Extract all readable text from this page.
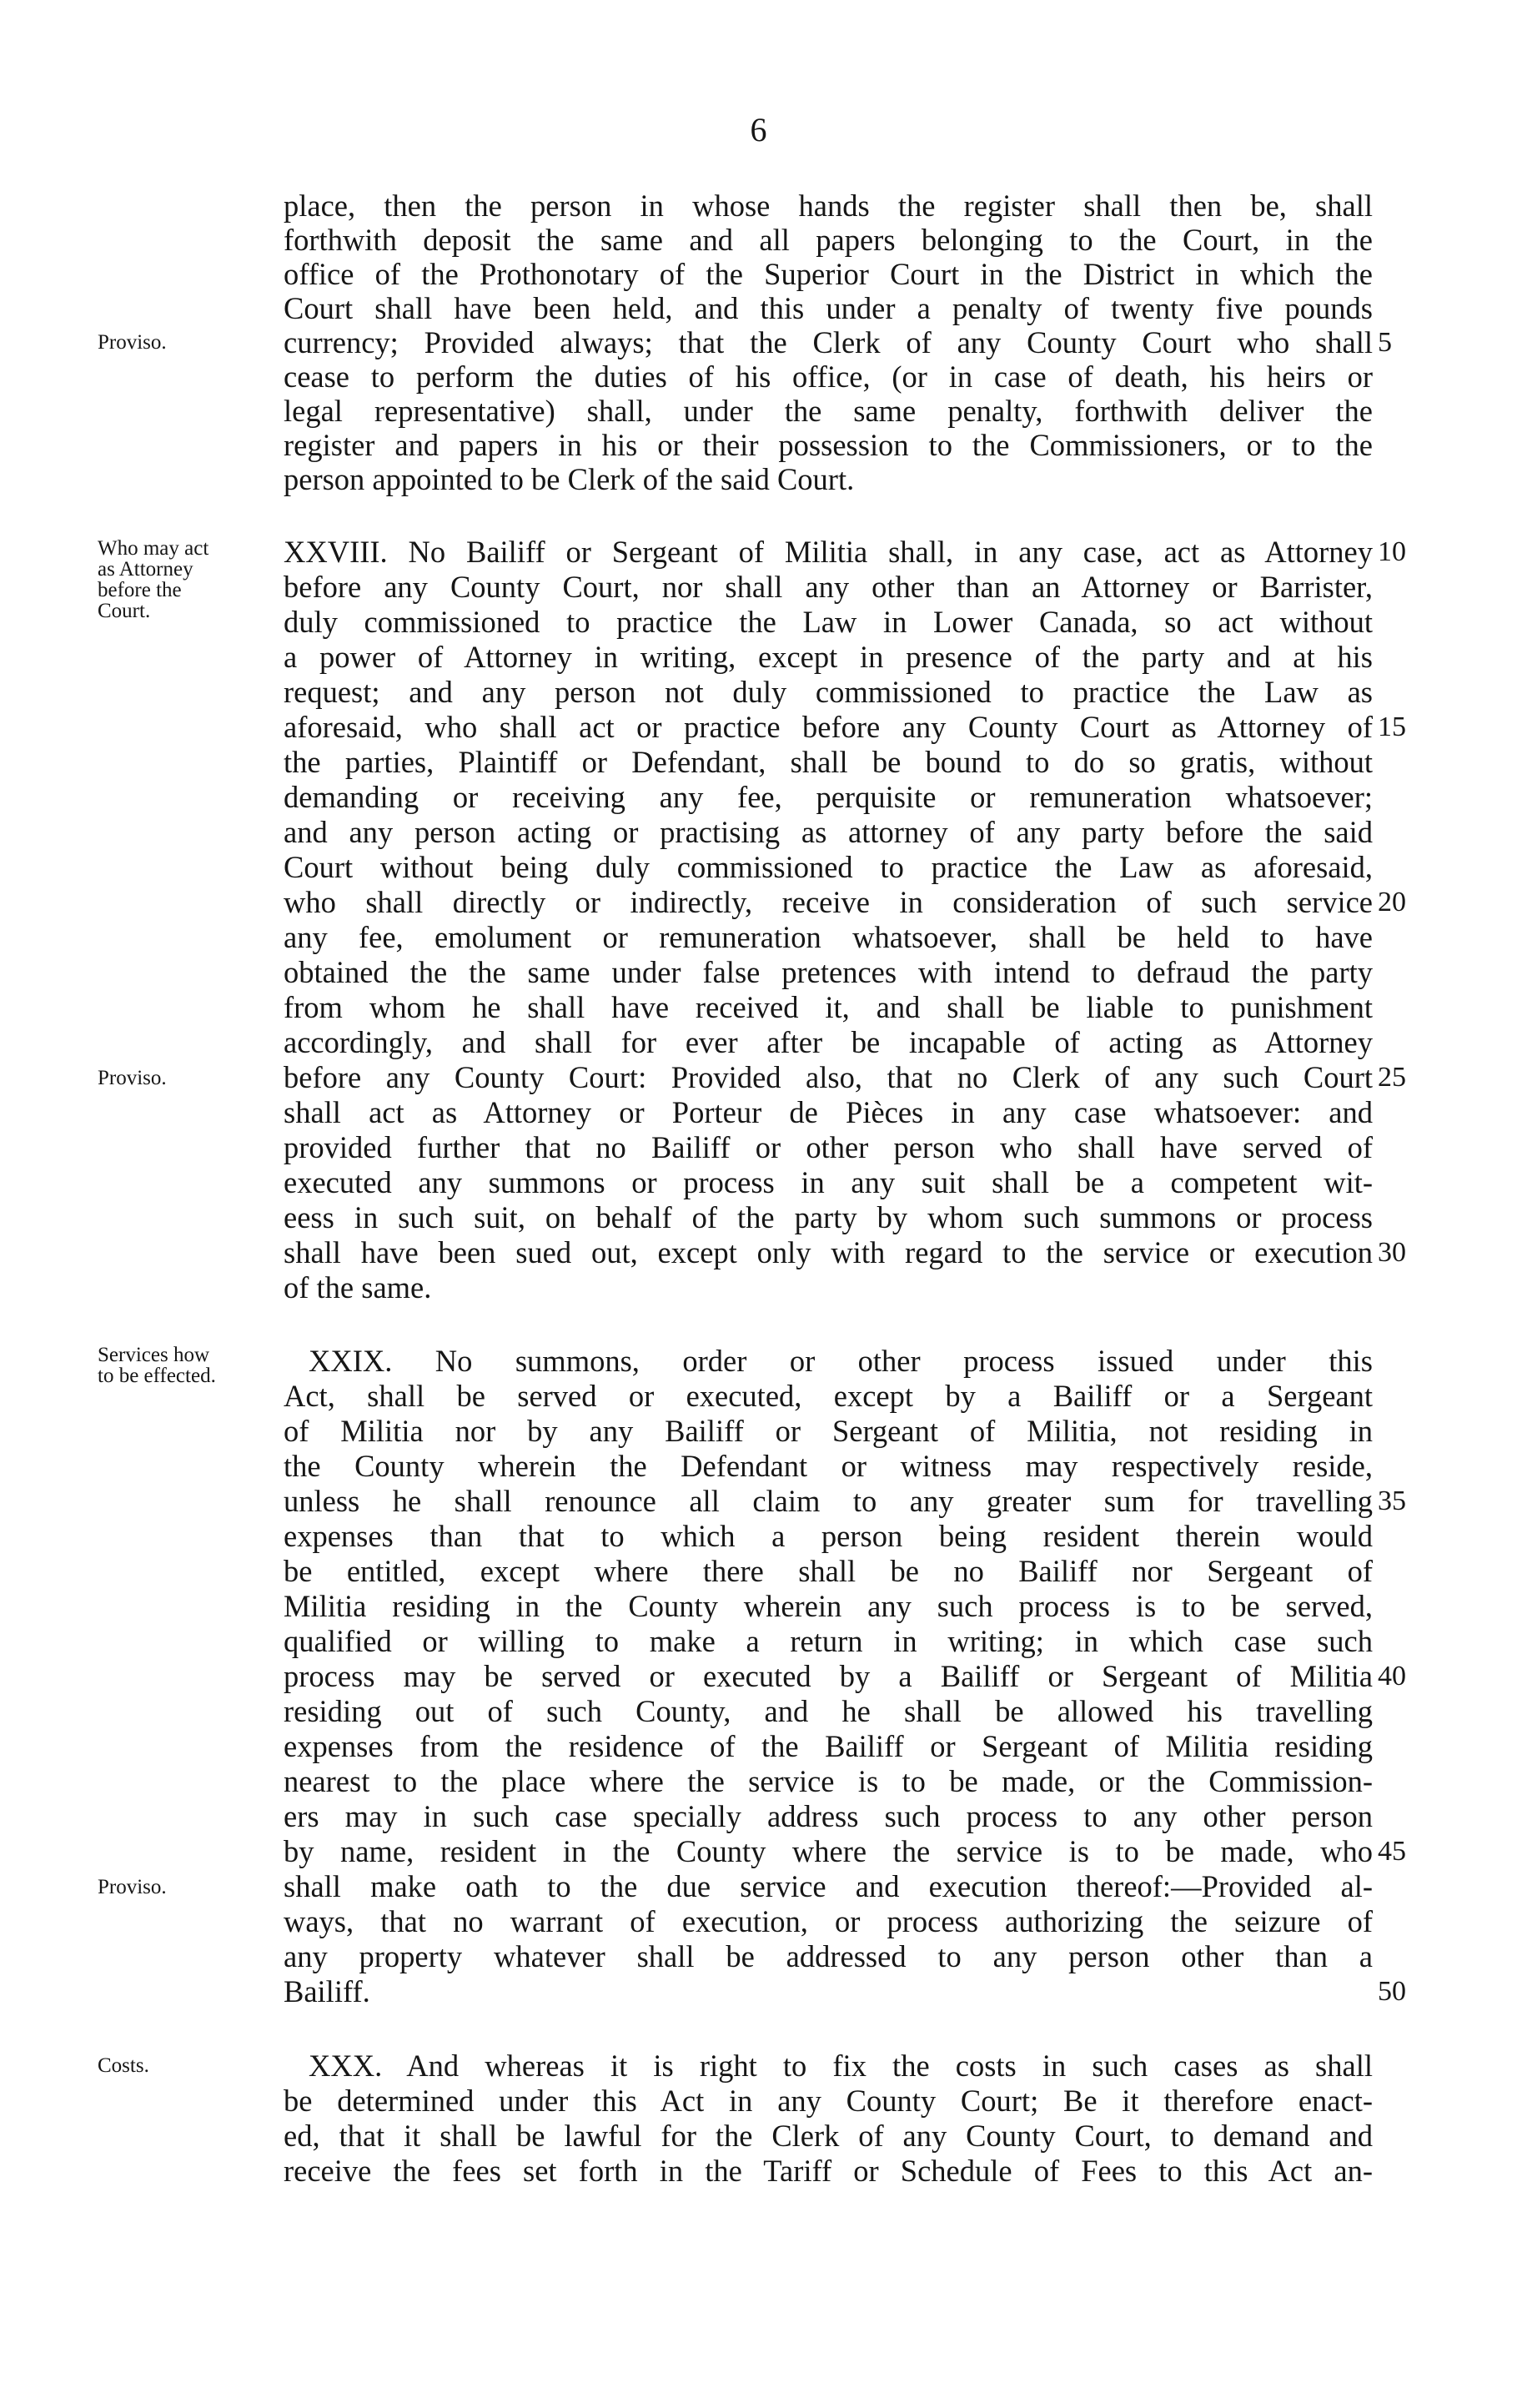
6
place, then the person in whose hands the register shall then be, shall
forthwith deposit the same and all papers belonging to the Court, in the
office of the Prothonotary of the Superior Court in the District in which the
Court shall have been held, and this under a penalty of twenty five pounds
currency; Provided always; that the Clerk of any County Court who shall
cease to perform the duties of his office, (or in case of death, his heirs or
legal representative) shall, under the same penalty, forthwith deliver the
register and papers in his or their possession to the Commissioners, or to the
person appointed to be Clerk of the said Court.
XXVIII. No Bailiff or Sergeant of Militia shall, in any case, act as Attorney
before any County Court, nor shall any other than an Attorney or Barrister,
duly commissioned to practice the Law in Lower Canada, so act without
a power of Attorney in writing, except in presence of the party and at his
request; and any person not duly commissioned to practice the Law as
aforesaid, who shall act or practice before any County Court as Attorney of
the parties, Plaintiff or Defendant, shall be bound to do so gratis, without
demanding or receiving any fee, perquisite or remuneration whatsoever;
and any person acting or practising as attorney of any party before the said
Court without being duly commissioned to practice the Law as aforesaid,
who shall directly or indirectly, receive in consideration of such service
any fee, emolument or remuneration whatsoever, shall be held to have
obtained the the same under false pretences with intend to defraud the party
from whom he shall have received it, and shall be liable to punishment
accordingly, and shall for ever after be incapable of acting as Attorney
before any County Court: Provided also, that no Clerk of any such Court
shall act as Attorney or Porteur de Pièces in any case whatsoever: and
provided further that no Bailiff or other person who shall have served of
executed any summons or process in any suit shall be a competent wit-
eess in such suit, on behalf of the party by whom such summons or process
shall have been sued out, except only with regard to the service or execution
of the same.
XXIX. No summons, order or other process issued under this
Act, shall be served or executed, except by a Bailiff or a Sergeant
of Militia nor by any Bailiff or Sergeant of Militia, not residing in
the County wherein the Defendant or witness may respectively reside,
unless he shall renounce all claim to any greater sum for travelling
expenses than that to which a person being resident therein would
be entitled, except where there shall be no Bailiff nor Sergeant of
Militia residing in the County wherein any such process is to be served,
qualified or willing to make a return in writing; in which case such
process may be served or executed by a Bailiff or Sergeant of Militia
residing out of such County, and he shall be allowed his travelling
expenses from the residence of the Bailiff or Sergeant of Militia residing
nearest to the place where the service is to be made, or the Commission-
ers may in such case specially address such process to any other person
by name, resident in the County where the service is to be made, who
shall make oath to the due service and execution thereof:—Provided al-
ways, that no warrant of execution, or process authorizing the seizure of
any property whatever shall be addressed to any person other than a
Bailiff.
XXX. And whereas it is right to fix the costs in such cases as shall
be determined under this Act in any County Court; Be it therefore enact-
ed, that it shall be lawful for the Clerk of any County Court, to demand and
receive the fees set forth in the Tariff or Schedule of Fees to this Act an-
5
10
15
20
25
30
35
40
45
50
Proviso.
Who may act
as Attorney
before the
Court.
Proviso.
Services how
to be effected.
Proviso.
Costs.
